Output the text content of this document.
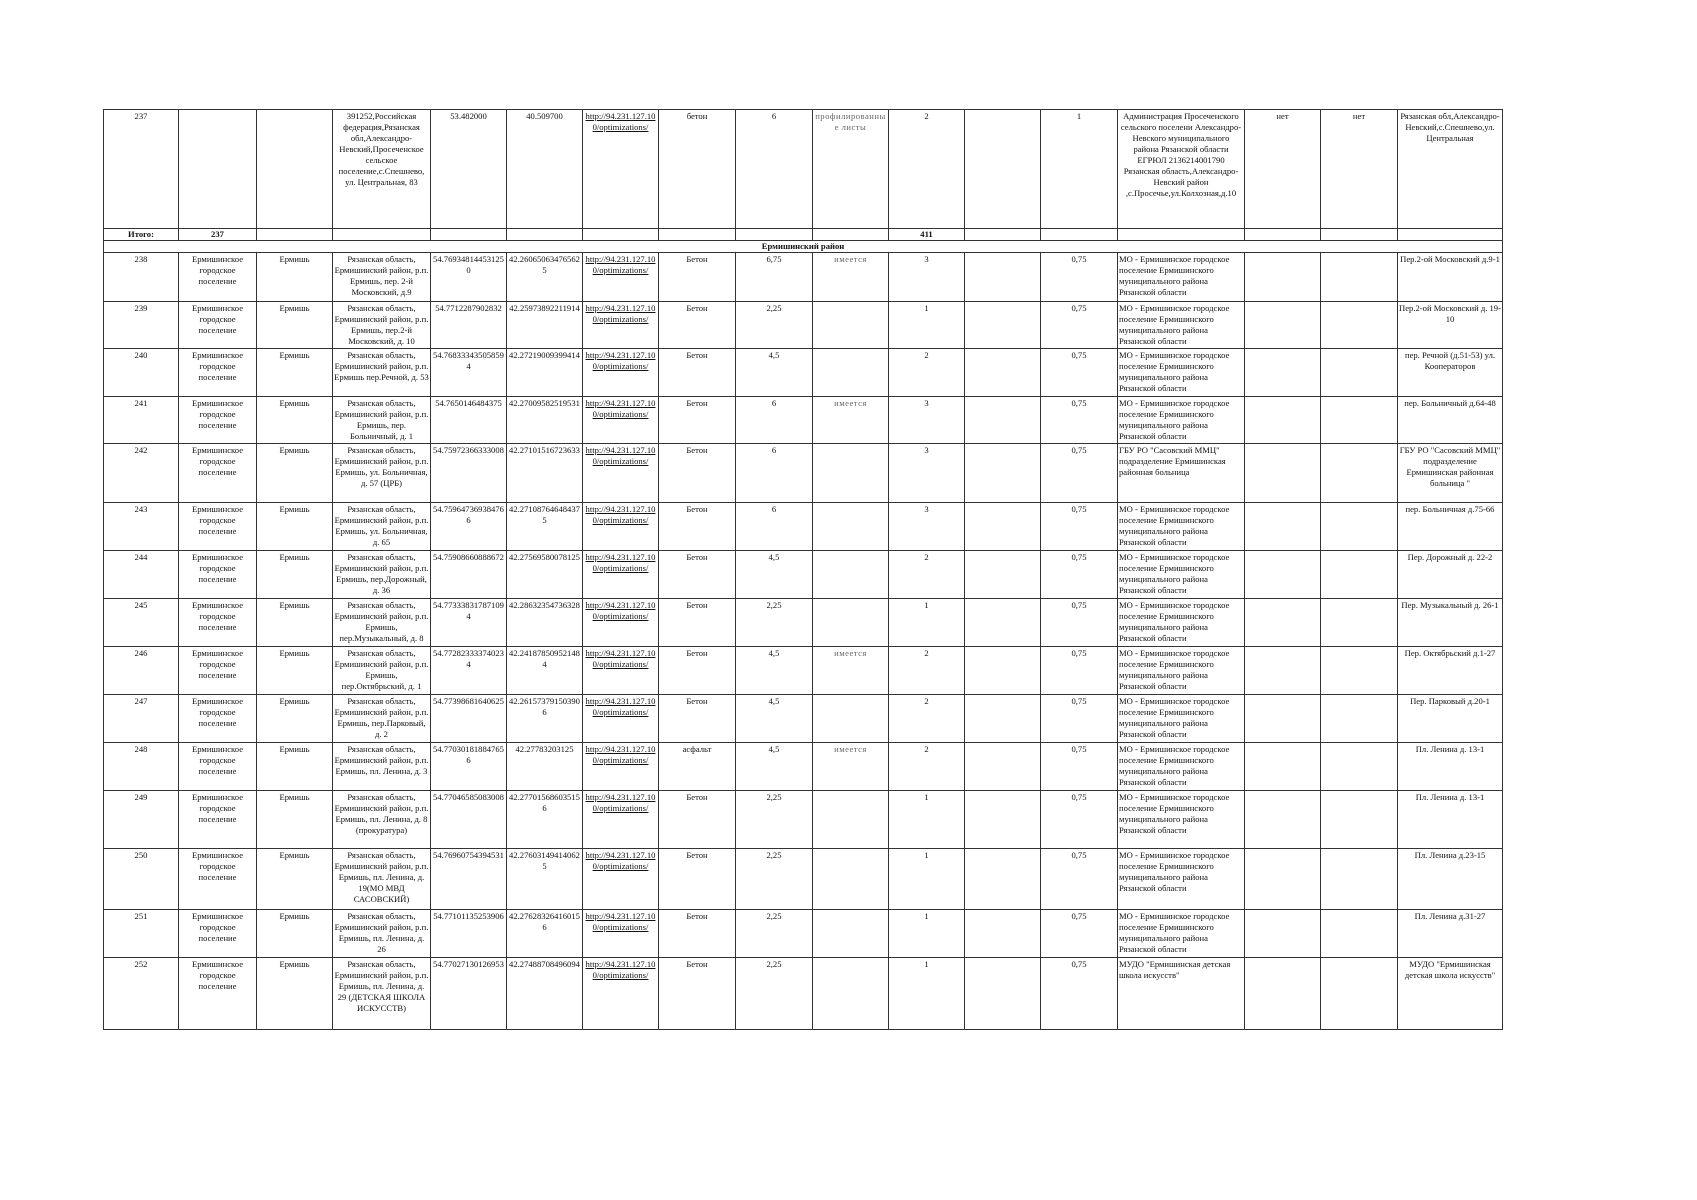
237			391252,Российская федерация,Рязанская обл,Александро-Невский,Просеченское сельское поселение,с.Спешнево, ул. Центральная, 83	53.482000	40.509700	http://94.231.127.100/optimizations/	бетон	6	профилированные листы	2		1	Администрация Просеченского сельского поселени Александро-Невского муниципального района Рязанской области ЕГРЮЛ 2136214001790 Рязанская область,Александро-Невский район ,с.Просечье,ул.Колхозная,д.10	нет	нет	Рязанская обл,Александро-Невский,с.Спешнево,ул. Центральная
Итого:	237									411						
Ермишинский район																
238	Ермишинское городское поселение	Ермишь	Рязанская область, Ермишинский район, р.п. Ермишь, пер. 2-й Московский, д.9	54.769348144531250	42.260650634765625	http://94.231.127.100/optimizations/	Бетон	6,75	имеется	3		0,75	МО - Ермишинское городское поселение Ермишинского муниципального района Рязанской области			Пер.2-ой Московский д.9-1
239	Ермишинское городское поселение	Ермишь	Рязанская область, Ермишинский район, р.п. Ермишь, пер.2-й Московский, д. 10	54.7712287902832	42.25973892211914	http://94.231.127.100/optimizations/	Бетон	2,25		1		0,75	МО - Ермишинское городское поселение Ермишинского муниципального района Рязанской области			Пер.2-ой Московский д. 19-10
240	Ермишинское городское поселение	Ермишь	Рязанская область, Ермишинский район, р.п. Ермишь пер.Речной, д. 53	54.768333435058594	42.27219009399414	http://94.231.127.100/optimizations/	Бетон	4,5		2		0,75	МО - Ермишинское городское поселение Ермишинского муниципального района Рязанской области			пер. Речной (д.51-53) ул. Кооператоров
241	Ермишинское городское поселение	Ермишь	Рязанская область, Ермишинский район, р.п. Ермишь, пер. Больничный, д. 1	54.7650146484375	42.27009582519531	http://94.231.127.100/optimizations/	Бетон	6	имеется	3		0,75	МО - Ермишинское городское поселение Ермишинского муниципального района Рязанской области			пер. Больничный д.64-48
242	Ермишинское городское поселение	Ермишь	Рязанская область, Ермишинский район, р.п. Ермишь, ул. Больничная, д. 57 (ЦРБ)	54.75972366333008	42.27101516723633	http://94.231.127.100/optimizations/	Бетон	6		3		0,75	ГБУ РО "Сасовский ММЦ" подразделение Ермишинская районная больница			ГБУ РО "Сасовский ММЦ" подразделение Ермишинская районная больница "
243	Ермишинское городское поселение	Ермишь	Рязанская область, Ермишинский район, р.п. Ермишь, ул. Больничная, д. 65	54.759647369384766	42.271087646484375	http://94.231.127.100/optimizations/	Бетон	6		3		0,75	МО - Ермишинское городское поселение Ермишинского муниципального района Рязанской области			пер. Больничная д.75-66
244	Ермишинское городское поселение	Ермишь	Рязанская область, Ермишинский район, р.п. Ермишь, пер.Дорожный, д. 36	54.75908660888672	42.27569580078125	http://94.231.127.100/optimizations/	Бетон	4,5		2		0,75	МО - Ермишинское городское поселение Ермишинского муниципального района Рязанской области			Пер. Дорожный д. 22-2
245	Ермишинское городское поселение	Ермишь	Рязанская область, Ермишинский район, р.п. Ермишь, пер.Музыкальный, д. 8	54.773338317871094	42.28632354736328	http://94.231.127.100/optimizations/	Бетон	2,25		1		0,75	МО - Ермишинское городское поселение Ермишинского муниципального района Рязанской области			Пер. Музыкальный д. 26-1
246	Ермишинское городское поселение	Ермишь	Рязанская область, Ермишинский район, р.п. Ермишь, пер.Октябрьский, д. 1	54.772823333740234	42.241878509521484	http://94.231.127.100/optimizations/	Бетон	4,5	имеется	2		0,75	МО - Ермишинское городское поселение Ермишинского муниципального района Рязанской области			Пер. Октябрьский д.1-27
247	Ермишинское городское поселение	Ермишь	Рязанская область, Ермишинский район, р.п. Ермишь, пер.Парковый, д. 2	54.77398681640625	42.261573791503906	http://94.231.127.100/optimizations/	Бетон	4,5		2		0,75	МО - Ермишинское городское поселение Ермишинского муниципального района Рязанской области			Пер. Парковый д.20-1
248	Ермишинское городское поселение	Ермишь	Рязанская область, Ермишинский район, р.п. Ермишь, пл. Ленина, д. 3	54.770301818847656	42.27783203125	http://94.231.127.100/optimizations/	асфальт	4,5	имеется	2		0,75	МО - Ермишинское городское поселение Ермишинского муниципального района Рязанской области			Пл. Ленина д. 13-1
249	Ермишинское городское поселение	Ермишь	Рязанская область, Ермишинский район, р.п. Ермишь, пл. Ленина, д. 8 (прокуратура)	54.77046585083008	42.277015686035156	http://94.231.127.100/optimizations/	Бетон	2,25		1		0,75	МО - Ермишинское городское поселение Ермишинского муниципального района Рязанской области			Пл. Ленина д. 13-1
250	Ермишинское городское поселение	Ермишь	Рязанская область, Ермишинский район, р.п. Ермишь, пл. Ленина, д. 19(МО МВД САСОВСКИЙ)	54.76960754394531	42.276031494140625	http://94.231.127.100/optimizations/	Бетон	2,25		1		0,75	МО - Ермишинское городское поселение Ермишинского муниципального района Рязанской области			Пл. Ленина д.23-15
251	Ермишинское городское поселение	Ермишь	Рязанская область, Ермишинский район, р.п. Ермишь, пл. Ленина, д. 26	54.77101135253906	42.276283264160156	http://94.231.127.100/optimizations/	Бетон	2,25		1		0,75	МО - Ермишинское городское поселение Ермишинского муниципального района Рязанской области			Пл. Ленина д.31-27
252	Ермишинское городское поселение	Ермишь	Рязанская область, Ермишинский район, р.п. Ермишь, пл. Ленина, д. 29 (ДЕТСКАЯ ШКОЛА ИСКУССТВ)	54.77027130126953	42.27488708496094	http://94.231.127.100/optimizations/	Бетон	2,25		1		0,75	МУДО "Ермишинская детская школа искусств"			МУДО "Ермишинская детская школа искусств"
